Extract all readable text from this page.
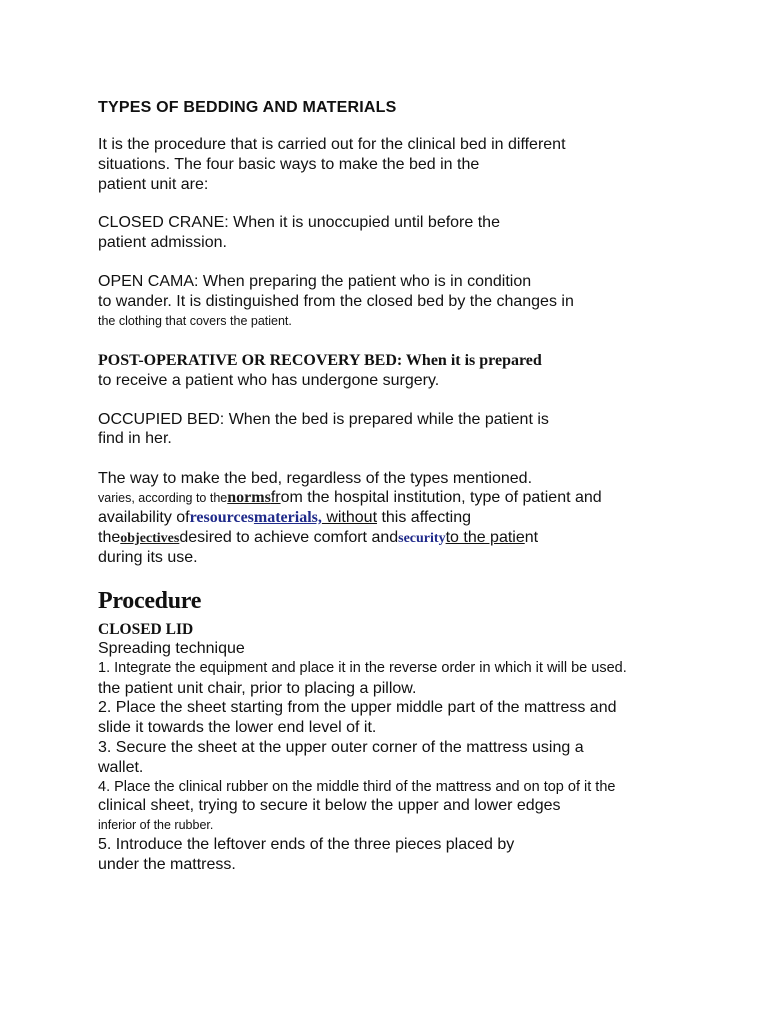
TYPES OF BEDDING AND MATERIALS
It is the procedure that is carried out for the clinical bed in different
situations. The four basic ways to make the bed in the
patient unit are:
CLOSED CRANE: When it is unoccupied until before the
patient admission.
OPEN CAMA: When preparing the patient who is in condition
to wander. It is distinguished from the closed bed by the changes in
the clothing that covers the patient.
POST-OPERATIVE OR RECOVERY BED: When it is prepared
to receive a patient who has undergone surgery.
OCCUPIED BED: When the bed is prepared while the patient is
find in her.
The way to make the bed, regardless of the types mentioned.
varies, according to thenormsfrom the hospital institution, type of patient and
availability ofresourcesmaterials, without this affecting
theobjectivesdesired to achieve comfort andsecurityto the patient
during its use.
Procedure
CLOSED LID
Spreading technique
1. Integrate the equipment and place it in the reverse order in which it will be used.
the patient unit chair, prior to placing a pillow.
2. Place the sheet starting from the upper middle part of the mattress and
slide it towards the lower end level of it.
3. Secure the sheet at the upper outer corner of the mattress using a
wallet.
4. Place the clinical rubber on the middle third of the mattress and on top of it the
clinical sheet, trying to secure it below the upper and lower edges
inferior of the rubber.
5. Introduce the leftover ends of the three pieces placed by
under the mattress.
